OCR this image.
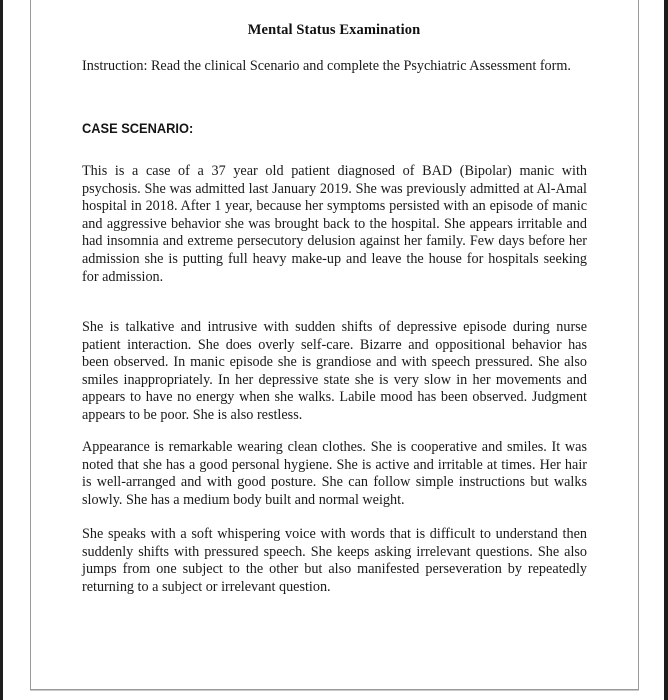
Mental Status Examination
Instruction: Read the clinical Scenario and complete the Psychiatric Assessment form.
CASE SCENARIO:

This is a case of a 37 year old patient diagnosed of BAD (Bipolar) manic with psychosis. She was admitted last January 2019. She was previously admitted at Al-Amal hospital in 2018. After 1 year, because her symptoms persisted with an episode of manic and aggressive behavior she was brought back to the hospital. She appears irritable and had insomnia and extreme persecutory delusion against her family. Few days before her admission she is putting full heavy make-up and leave the house for hospitals seeking for admission.

She is talkative and intrusive with sudden shifts of depressive episode during nurse patient interaction. She does overly self-care. Bizarre and oppositional behavior has been observed. In manic episode she is grandiose and with speech pressured. She also smiles inappropriately. In her depressive state she is very slow in her movements and appears to have no energy when she walks. Labile mood has been observed. Judgment appears to be poor. She is also restless.

Appearance is remarkable wearing clean clothes. She is cooperative and smiles. It was noted that she has a good personal hygiene. She is active and irritable at times. Her hair is well-arranged and with good posture. She can follow simple instructions but walks slowly. She has a medium body built and normal weight.

She speaks with a soft whispering voice with words that is difficult to understand then suddenly shifts with pressured speech. She keeps asking irrelevant questions. She also jumps from one subject to the other but also manifested perseveration by repeatedly returning to a subject or irrelevant question.
